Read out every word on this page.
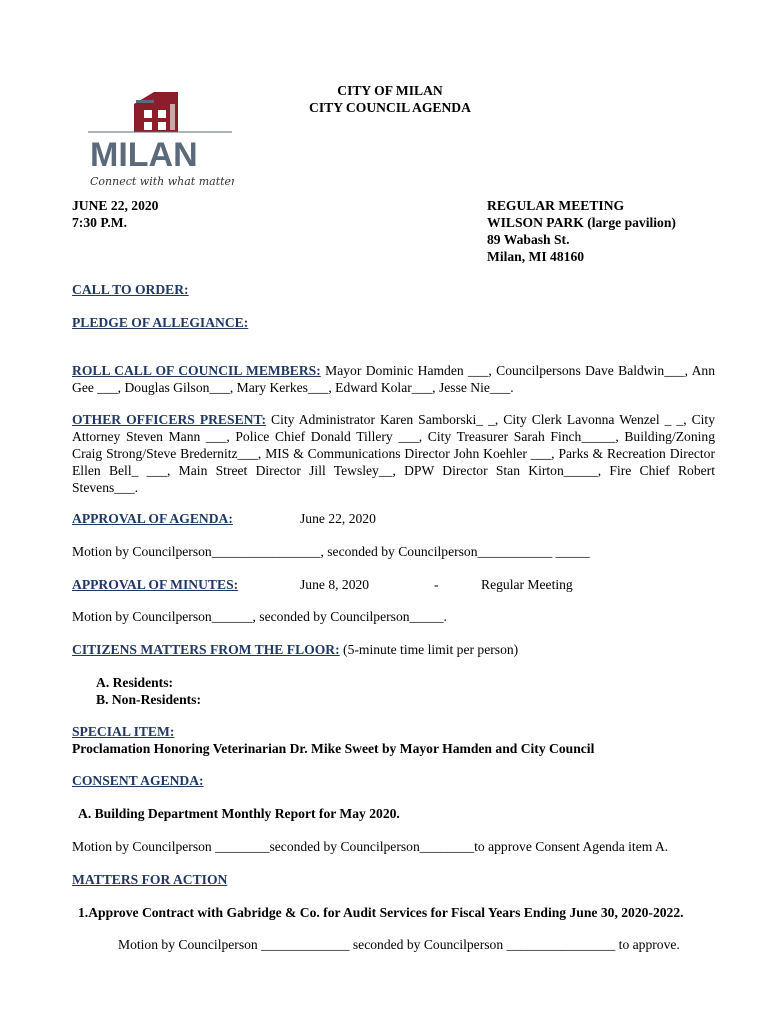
CITY OF MILAN
CITY COUNCIL AGENDA
MILAN
Connect with what matters
JUNE 22, 2020
7:30 P.M.
REGULAR MEETING
WILSON PARK (large pavilion)
89 Wabash St.
Milan, MI 48160
CALL TO ORDER:
PLEDGE OF ALLEGIANCE:
ROLL CALL OF COUNCIL MEMBERS: Mayor Dominic Hamden ___, Councilpersons Dave Baldwin___, Ann
Gee ___, Douglas Gilson___, Mary Kerkes___, Edward Kolar___, Jesse Nie___.
OTHER OFFICERS PRESENT: City Administrator Karen Samborski_ _, City Clerk Lavonna Wenzel _ _, City
Attorney Steven Mann ___, Police Chief Donald Tillery ___, City Treasurer Sarah Finch_____, Building/Zoning
Craig Strong/Steve Bredernitz___, MIS & Communications Director John Koehler ___, Parks & Recreation Director
Ellen Bell_ ___, Main Street Director Jill Tewsley__, DPW Director Stan Kirton_____, Fire Chief Robert
Stevens___.
APPROVAL OF AGENDA:	June 22, 2020
Motion by Councilperson________________, seconded by Councilperson___________ _____
APPROVAL OF MINUTES:	June 8, 2020	-	Regular Meeting
Motion by Councilperson______, seconded by Councilperson_____.
CITIZENS MATTERS FROM THE FLOOR: (5-minute time limit per person)
A. Residents:
B. Non-Residents:
SPECIAL ITEM:
Proclamation Honoring Veterinarian Dr. Mike Sweet by Mayor Hamden and City Council
CONSENT AGENDA:
A. Building Department Monthly Report for May 2020.
Motion by Councilperson ________seconded by Councilperson________to approve Consent Agenda item A.
MATTERS FOR ACTION
1.Approve Contract with Gabridge & Co. for Audit Services for Fiscal Years Ending June 30, 2020-2022.
Motion by Councilperson _____________ seconded by Councilperson ________________ to approve.
